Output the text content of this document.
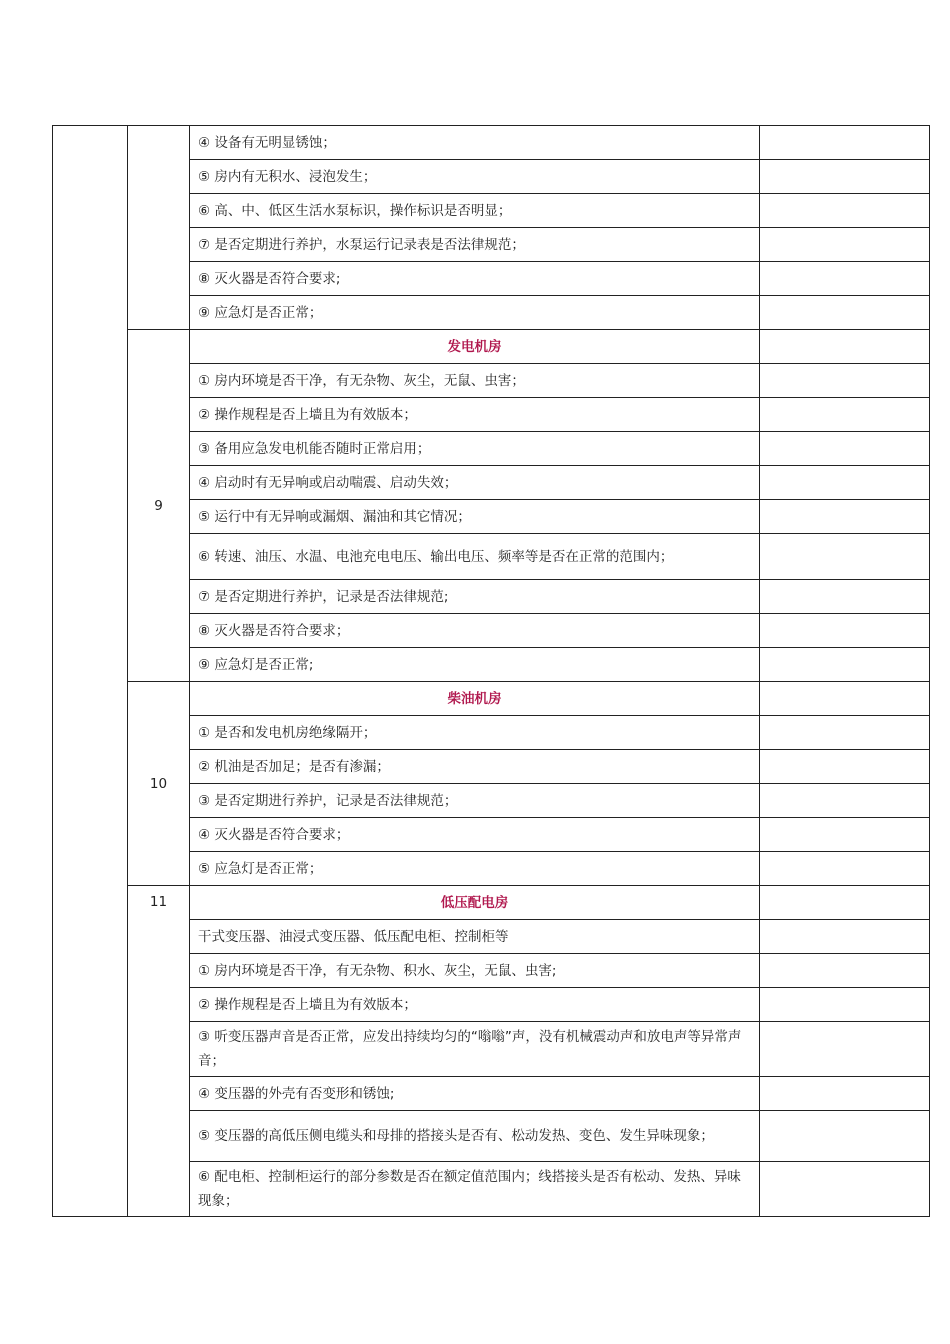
		④ 设备有无明显锈蚀；	
		⑤ 房内有无积水、浸泡发生；	
		⑥ 高、中、低区生活水泵标识，操作标识是否明显；	
		⑦ 是否定期进行养护，水泵运行记录表是否法律规范；	
		⑧ 灭火器是否符合要求;	
		⑨ 应急灯是否正常；	
	9	发电机房	
		① 房内环境是否干净，有无杂物、灰尘，无鼠、虫害；	
		② 操作规程是否上墙且为有效版本；	
		③ 备用应急发电机能否随时正常启用；	
		④ 启动时有无异响或启动喘震、启动失效；	
		⑤ 运行中有无异响或漏烟、漏油和其它情况；	
		⑥ 转速、油压、水温、电池充电电压、输出电压、频率等是否在正常的范围内；	
		⑦ 是否定期进行养护，记录是否法律规范;	
		⑧ 灭火器是否符合要求；	
		⑨ 应急灯是否正常;	
	10	柴油机房	
		① 是否和发电机房绝缘隔开；	
		② 机油是否加足；是否有渗漏；	
		③ 是否定期进行养护，记录是否法律规范；	
		④ 灭火器是否符合要求；	
		⑤ 应急灯是否正常；	
	11	低压配电房	
		干式变压器、油浸式变压器、低压配电柜、控制柜等	
		① 房内环境是否干净，有无杂物、积水、灰尘，无鼠、虫害;	
		② 操作规程是否上墙且为有效版本；	
		③ 听变压器声音是否正常，应发出持续均匀的“嗡嗡”声，没有机械震动声和放电声等异常声音；	
		④ 变压器的外壳有否变形和锈蚀;	
		⑤ 变压器的高低压侧电缆头和母排的搭接头是否有、松动发热、变色、发生异味现象；	
		⑥ 配电柜、控制柜运行的部分参数是否在额定值范围内；线搭接头是否有松动、发热、异味现象；	
